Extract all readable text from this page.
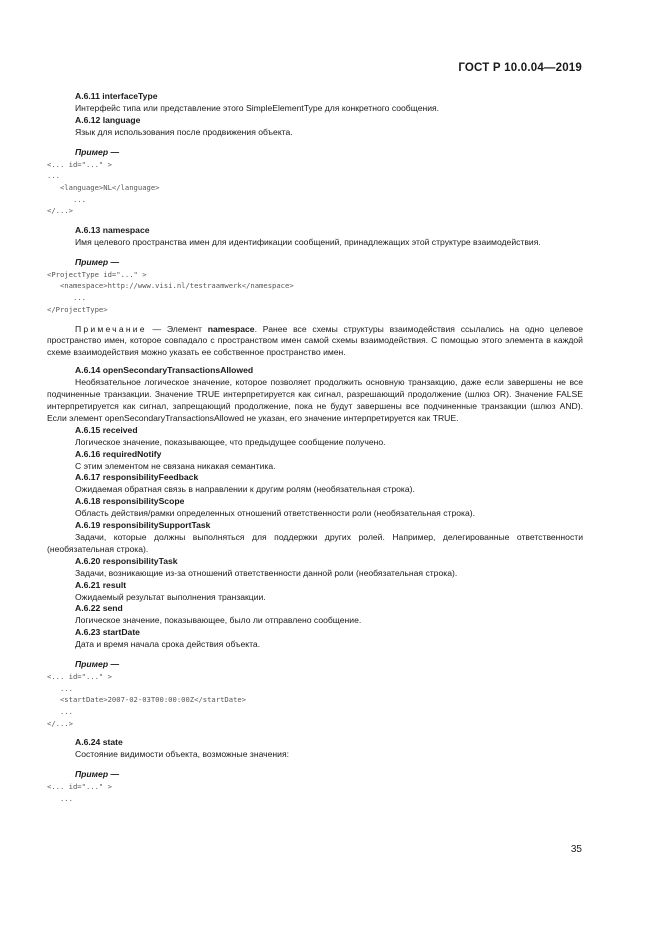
ГОСТ Р 10.0.04—2019
A.6.11 interfaceType
Интерфейс типа или представление этого SimpleElementType для конкретного сообщения.
A.6.12 language
Язык для использования после продвижения объекта.
Пример —
<... id="..." >
...
<language>NL</language>
...
</...>
A.6.13 namespace
Имя целевого пространства имен для идентификации сообщений, принадлежащих этой структуре взаимодействия.
Пример —
<ProjectType id="..." >
<namespace>http://www.visi.nl/testraamwerk</namespace>
...
</ProjectType>
Примечание — Элемент namespace. Ранее все схемы структуры взаимодействия ссылались на одно целевое пространство имен, которое совпадало с пространством имен самой схемы взаимодействия. С помощью этого элемента в каждой схеме взаимодействия можно указать ее собственное пространство имен.
A.6.14 openSecondaryTransactionsAllowed
Необязательное логическое значение, которое позволяет продолжить основную транзакцию, даже если завершены не все подчиненные транзакции. Значение TRUE интерпретируется как сигнал, разрешающий продолжение (шлюз OR). Значение FALSE интерпретируется как сигнал, запрещающий продолжение, пока не будут завершены все подчиненные транзакции (шлюз AND). Если элемент openSecondaryTransactionsAllowed не указан, его значение интерпретируется как TRUE.
A.6.15 received
Логическое значение, показывающее, что предыдущее сообщение получено.
A.6.16 requiredNotify
С этим элементом не связана никакая семантика.
A.6.17 responsibilityFeedback
Ожидаемая обратная связь в направлении к другим ролям (необязательная строка).
A.6.18 responsibilityScope
Область действия/рамки определенных отношений ответственности роли (необязательная строка).
A.6.19 responsibilitySupportTask
Задачи, которые должны выполняться для поддержки других ролей. Например, делегированные ответственности (необязательная строка).
A.6.20 responsibilityTask
Задачи, возникающие из-за отношений ответственности данной роли (необязательная строка).
A.6.21 result
Ожидаемый результат выполнения транзакции.
A.6.22 send
Логическое значение, показывающее, было ли отправлено сообщение.
A.6.23 startDate
Дата и время начала срока действия объекта.
Пример —
<... id="..." >
...
<startDate>2007-02-03T00:00:00Z</startDate>
...
</...>
A.6.24 state
Состояние видимости объекта, возможные значения:
Пример —
<... id="..." >
...
35
